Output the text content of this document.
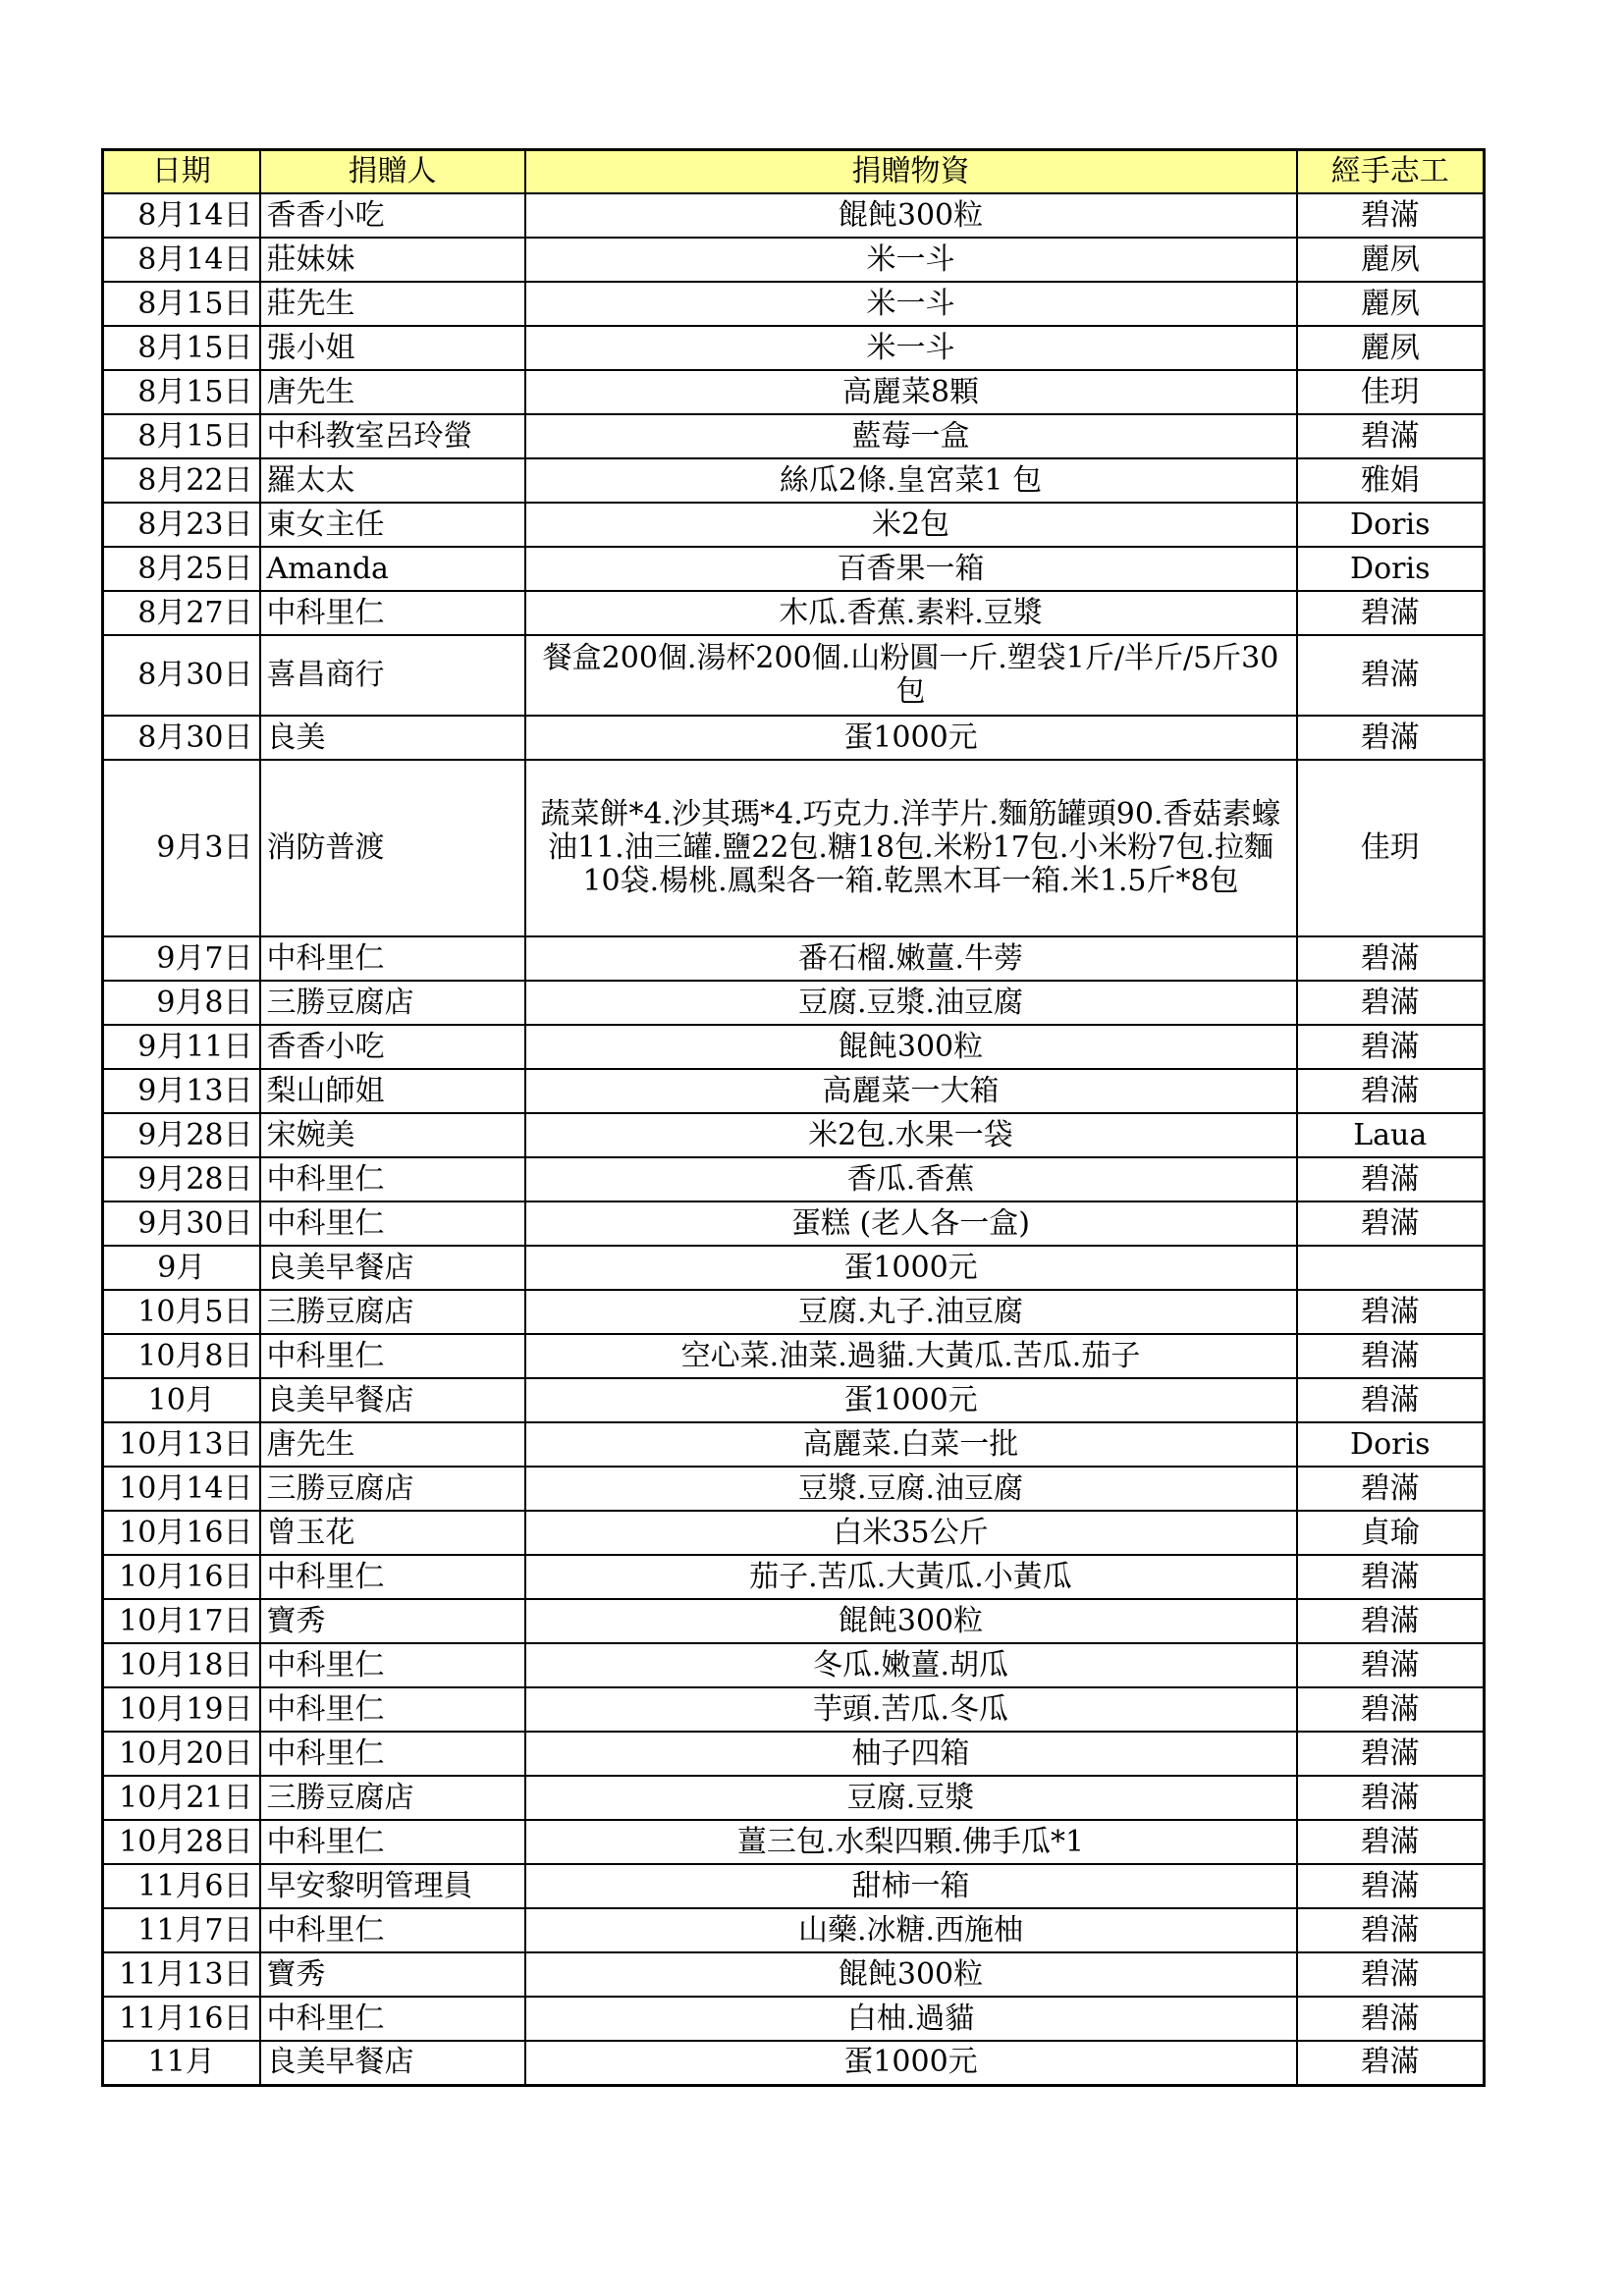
日期	捐贈人	捐贈物資	經手志工
8月14日	香香小吃	餛飩300粒	碧滿
8月14日	莊妹妹	米一斗	麗夙
8月15日	莊先生	米一斗	麗夙
8月15日	張小姐	米一斗	麗夙
8月15日	唐先生	高麗菜8顆	佳玥
8月15日	中科教室呂玲螢	藍莓一盒	碧滿
8月22日	羅太太	絲瓜2條.皇宮菜1 包	雅娟
8月23日	東女主任	米2包	Doris
8月25日	Amanda	百香果一箱	Doris
8月27日	中科里仁	木瓜.香蕉.素料.豆漿	碧滿
8月30日	喜昌商行	餐盒200個.湯杯200個.山粉圓一斤.塑袋1斤/半斤/5斤30包	碧滿
8月30日	良美	蛋1000元	碧滿
9月3日	消防普渡	蔬菜餅*4.沙其瑪*4.巧克力.洋芋片.麵筋罐頭90.香菇素蠔油11.油三罐.鹽22包.糖18包.米粉17包.小米粉7包.拉麵10袋.楊桃.鳳梨各一箱.乾黑木耳一箱.米1.5斤*8包	佳玥
9月7日	中科里仁	番石榴.嫩薑.牛蒡	碧滿
9月8日	三勝豆腐店	豆腐.豆漿.油豆腐	碧滿
9月11日	香香小吃	餛飩300粒	碧滿
9月13日	梨山師姐	高麗菜一大箱	碧滿
9月28日	宋婉美	米2包.水果一袋	Laua
9月28日	中科里仁	香瓜.香蕉	碧滿
9月30日	中科里仁	蛋糕 (老人各一盒)	碧滿
9月	良美早餐店	蛋1000元	
10月5日	三勝豆腐店	豆腐.丸子.油豆腐	碧滿
10月8日	中科里仁	空心菜.油菜.過貓.大黃瓜.苦瓜.茄子	碧滿
10月	良美早餐店	蛋1000元	碧滿
10月13日	唐先生	高麗菜.白菜一批	Doris
10月14日	三勝豆腐店	豆漿.豆腐.油豆腐	碧滿
10月16日	曾玉花	白米35公斤	貞瑜
10月16日	中科里仁	茄子.苦瓜.大黃瓜.小黃瓜	碧滿
10月17日	寶秀	餛飩300粒	碧滿
10月18日	中科里仁	冬瓜.嫩薑.胡瓜	碧滿
10月19日	中科里仁	芋頭.苦瓜.冬瓜	碧滿
10月20日	中科里仁	柚子四箱	碧滿
10月21日	三勝豆腐店	豆腐.豆漿	碧滿
10月28日	中科里仁	薑三包.水梨四顆.佛手瓜*1	碧滿
11月6日	早安黎明管理員	甜柿一箱	碧滿
11月7日	中科里仁	山藥.冰糖.西施柚	碧滿
11月13日	寶秀	餛飩300粒	碧滿
11月16日	中科里仁	白柚.過貓	碧滿
11月	良美早餐店	蛋1000元	碧滿
